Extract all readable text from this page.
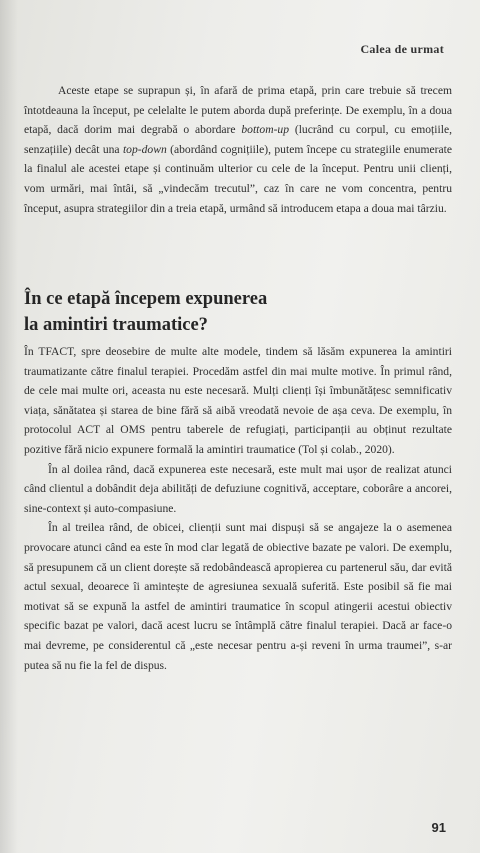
Calea de urmat

Aceste etape se suprapun și, în afară de prima etapă, prin care trebuie să trecem întotdeauna la început, pe celelalte le putem aborda după preferințe. De exemplu, în a doua etapă, dacă dorim mai degrabă o abordare bottom-up (lucrând cu corpul, cu emoțiile, senzațiile) decât una top-down (abordând cognițiile), putem începe cu strategiile enumerate la finalul ale acestei etape și continuăm ulterior cu cele de la început. Pentru unii clienți, vom urmări, mai întâi, să „vindecăm trecutul”, caz în care ne vom concentra, pentru început, asupra strategiilor din a treia etapă, urmând să introducem etapa a doua mai târziu.

În ce etapă începem expunerea
la amintiri traumatice?

În TFACT, spre deosebire de multe alte modele, tindem să lăsăm expunerea la amintiri traumatizante către finalul terapiei. Procedăm astfel din mai multe motive. În primul rând, de cele mai multe ori, aceasta nu este necesară. Mulți clienți își îmbunătățesc semnificativ viața, sănătatea și starea de bine fără să aibă vreodată nevoie de așa ceva. De exemplu, în protocolul ACT al OMS pentru taberele de refugiați, participanții au obținut rezultate pozitive fără nicio expunere formală la amintiri traumatice (Tol și colab., 2020).

În al doilea rând, dacă expunerea este necesară, este mult mai ușor de realizat atunci când clientul a dobândit deja abilități de defuziune cognitivă, acceptare, coborâre a ancorei, sine-context și auto-compasiune.

În al treilea rând, de obicei, clienții sunt mai dispuși să se angajeze la o asemenea provocare atunci când ea este în mod clar legată de obiective bazate pe valori. De exemplu, să presupunem că un client dorește să redobândească apropierea cu partenerul său, dar evită actul sexual, deoarece îi amintește de agresiunea sexuală suferită. Este posibil să fie mai motivat să se expună la astfel de amintiri traumatice în scopul atingerii acestui obiectiv specific bazat pe valori, dacă acest lucru se întâmplă către finalul terapiei. Dacă ar face-o mai devreme, pe considerentul că „este necesar pentru a-și reveni în urma traumei”, s-ar putea să nu fie la fel de dispus.

91
